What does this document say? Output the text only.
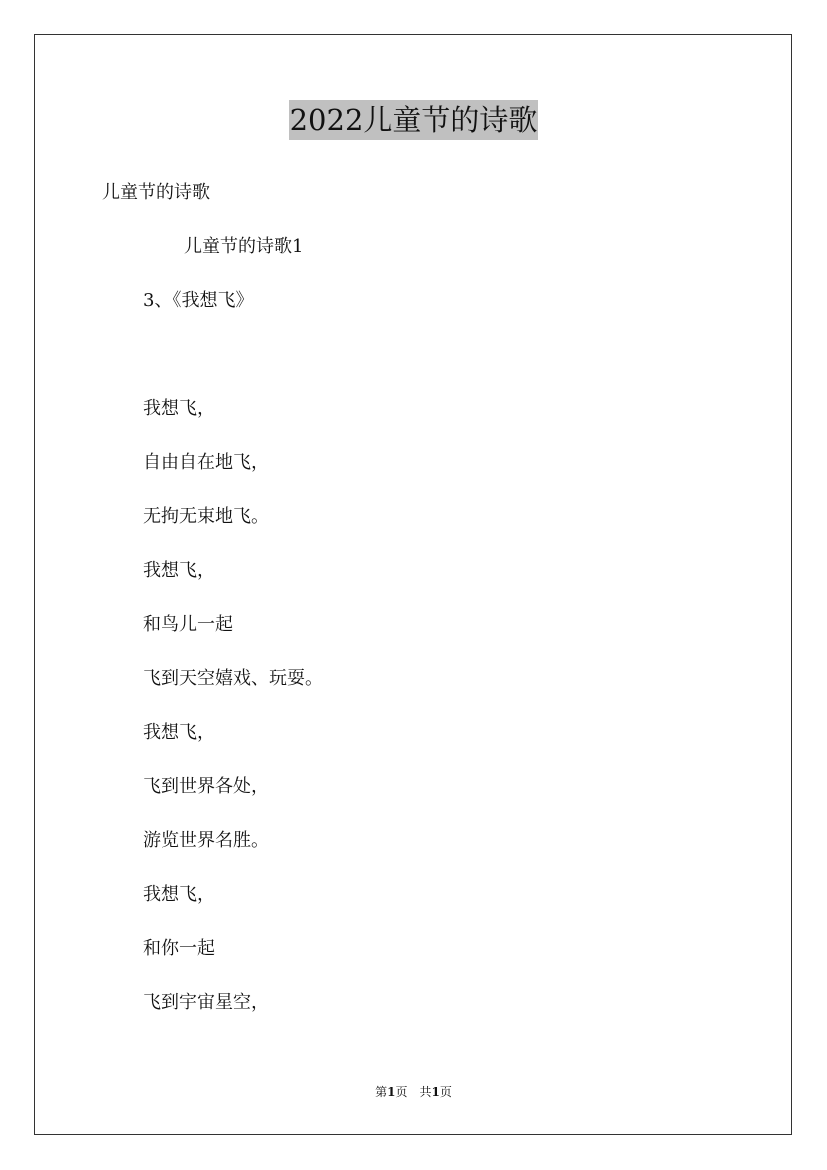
2022儿童节的诗歌
儿童节的诗歌
儿童节的诗歌1
3、《我想飞》
我想飞，
自由自在地飞，
无拘无束地飞。
我想飞，
和鸟儿一起
飞到天空嬉戏、玩耍。
我想飞，
飞到世界各处，
游览世界名胜。
我想飞，
和你一起
飞到宇宙星空，
第1页 共1页
